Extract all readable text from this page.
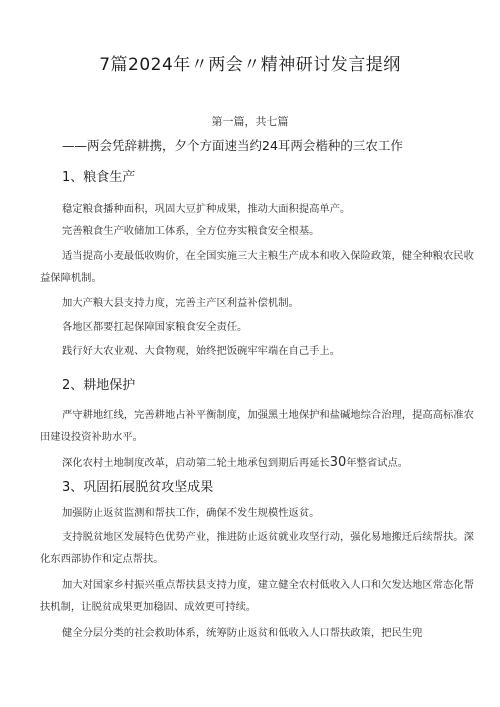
7篇2024年〃两会〃精神研讨发言提纲
第一篇，共七篇
——两会凭辞耕携，夕个方面速当约24耳两会楷种的三农工作
1、粮食生产
稳定粮食播种面积，巩固大豆扩种成果，推动大面积提高单产。
完善粮食生产收储加工体系，全方位夯实粮食安全根基。
适当提高小麦最低收购价，在全国实施三大主粮生产成本和收入保险政策，健全种粮农民收益保障机制。
加大产粮大县支持力度，完善主产区利益补偿机制。
各地区都要扛起保障国家粮食安全责任。
践行好大农业观、大食物观，始终把饭碗牢牢端在自己手上。
2、耕地保护
严守耕地红线，完善耕地占补平衡制度，加强黑土地保护和盐碱地综合治理，提高高标准农田建设投资补助水平。
深化农村土地制度改革，启动第二轮土地承包到期后再延长30年整省试点。
3、巩固拓展脱贫攻坚成果
加强防止返贫监测和帮扶工作，确保不发生规模性返贫。
支持脱贫地区发展特色优势产业，推进防止返贫就业攻坚行动，强化易地搬迁后续帮扶。深化东西部协作和定点帮扶。
加大对国家乡村振兴重点帮扶县支持力度，建立健全农村低收入人口和欠发达地区常态化帮扶机制，让脱贫成果更加稳固、成效更可持续。
健全分层分类的社会救助体系，统筹防止返贫和低收入人口帮扶政策，把民生兜
